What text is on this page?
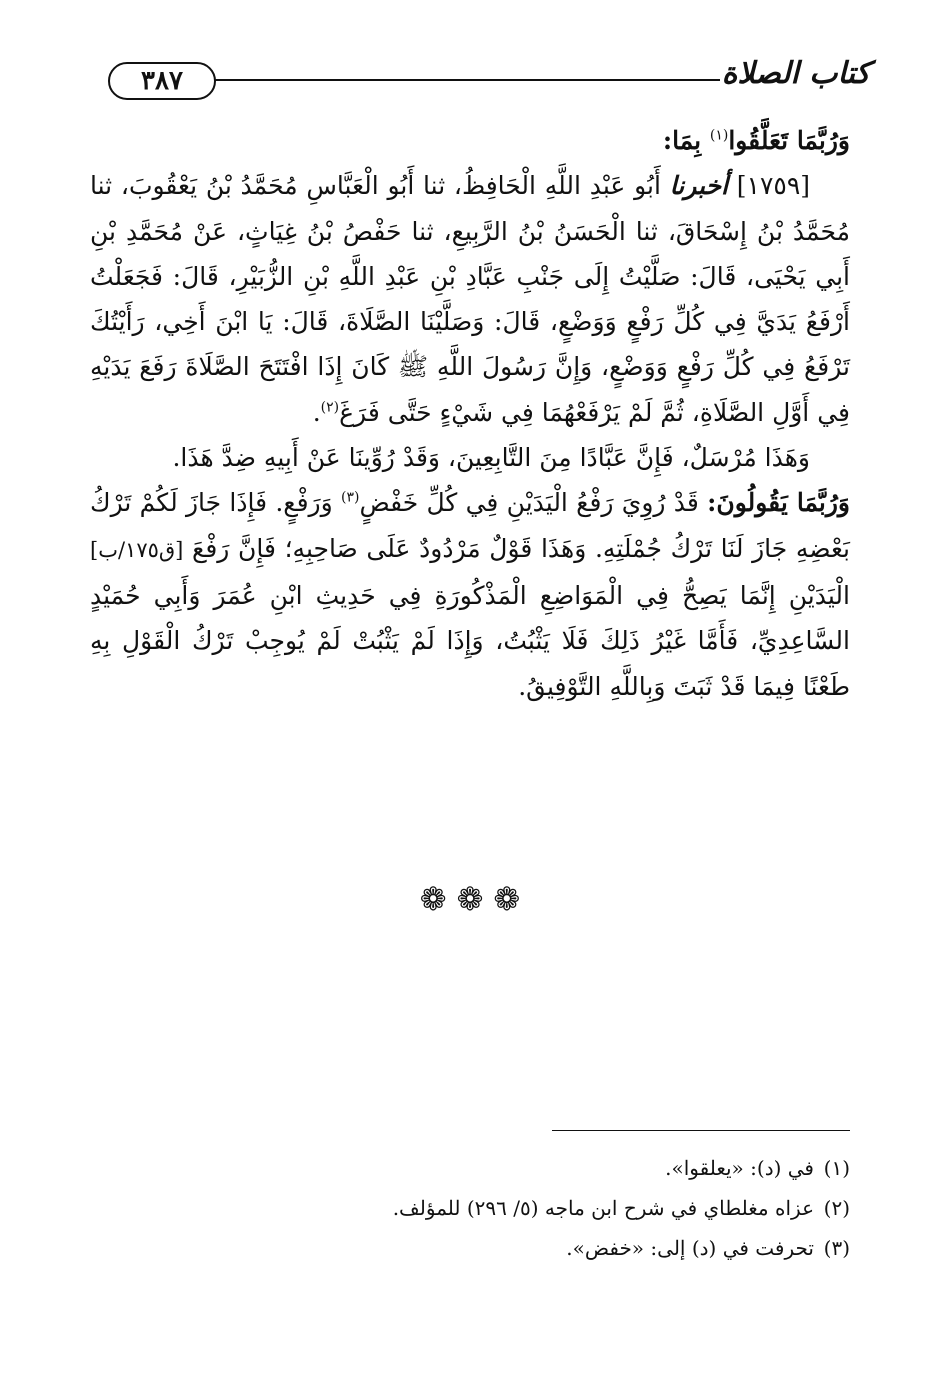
كتاب الصلاة
٣٨٧

وَرُبَّمَا تَعَلَّقُوا$^{(١)}$ بِمَا:

[١٧٥٩] أخبرنا أَبُو عَبْدِ اللَّهِ الْحَافِظُ، ثنا أَبُو الْعَبَّاسِ مُحَمَّدُ بْنُ يَعْقُوبَ، ثنا مُحَمَّدُ بْنُ إِسْحَاقَ، ثنا الْحَسَنُ بْنُ الرَّبِيعِ، ثنا حَفْصُ بْنُ غِيَاثٍ، عَنْ مُحَمَّدِ بْنِ أَبِي يَحْيَى، قَالَ: صَلَّيْتُ إِلَى جَنْبِ عَبَّادِ بْنِ عَبْدِ اللَّهِ بْنِ الزُّبَيْرِ، قَالَ: فَجَعَلْتُ أَرْفَعُ يَدَيَّ فِي كُلِّ رَفْعٍ وَوَضْعٍ، قَالَ: وَصَلَّيْنَا الصَّلَاةَ، قَالَ: يَا ابْنَ أَخِي، رَأَيْتُكَ تَرْفَعُ فِي كُلِّ رَفْعٍ وَوَضْعٍ، وَإِنَّ رَسُولَ اللَّهِ ﷺ كَانَ إِذَا افْتَتَحَ الصَّلَاةَ رَفَعَ يَدَيْهِ فِي أَوَّلِ الصَّلَاةِ، ثُمَّ لَمْ يَرْفَعْهُمَا فِي شَيْءٍ حَتَّى فَرَغَ$^{(٢)}$.

وَهَذَا مُرْسَلٌ، فَإِنَّ عَبَّادًا مِنَ التَّابِعِينَ، وَقَدْ رُوِّينَا عَنْ أَبِيهِ ضِدَّ هَذَا.

وَرُبَّمَا يَقُولُونَ: قَدْ رُوِيَ رَفْعُ الْيَدَيْنِ فِي كُلِّ خَفْضٍ$^{(٣)}$ وَرَفْعٍ. فَإِذَا جَازَ لَكُمْ تَرْكُ بَعْضِهِ جَازَ لَنَا تَرْكُ جُمْلَتِهِ. وَهَذَا قَوْلٌ مَرْدُودٌ عَلَى صَاحِبِهِ؛ فَإِنَّ رَفْعَ [ق١٧٥/ب] الْيَدَيْنِ إِنَّمَا يَصِحُّ فِي الْمَوَاضِعِ الْمَذْكُورَةِ فِي حَدِيثِ ابْنِ عُمَرَ وَأَبِي حُمَيْدٍ السَّاعِدِيِّ، فَأَمَّا غَيْرُ ذَلِكَ فَلَا يَثْبُتُ، وَإِذَا لَمْ يَثْبُتْ لَمْ يُوجِبْ تَرْكُ الْقَوْلِ بِهِ طَعْنًا فِيمَا قَدْ ثَبَتَ وَبِاللَّهِ التَّوْفِيقُ.

❁❁❁
(١)
في (د): «يعلقوا».
(٢)
عزاه مغلطاي في شرح ابن ماجه (٥/ ٢٩٦) للمؤلف.
(٣)
تحرفت في (د) إلى: «خفض».
